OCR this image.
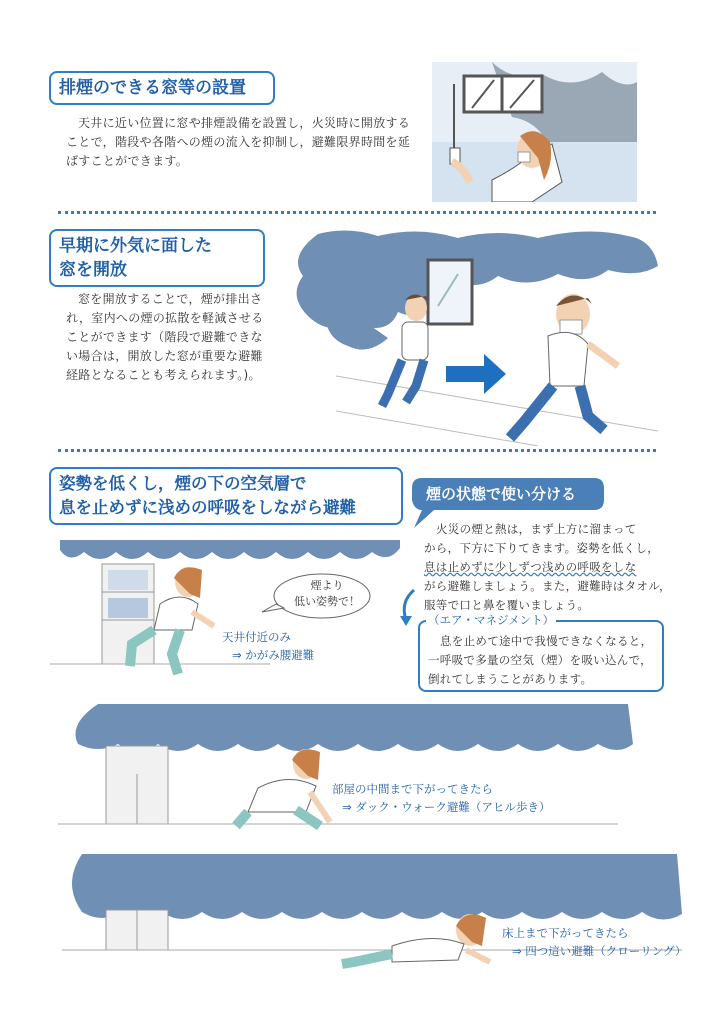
排煙のできる窓等の設置
天井に近い位置に窓や排煙設備を設置し，火災時に開放する
ことで，階段や各階への煙の流入を抑制し，避難限界時間を延
ばすことができます。
早期に外気に面した
窓を開放
窓を開放することで，煙が排出さ
れ，室内への煙の拡散を軽減させる
ことができます（階段で避難できな
い場合は，開放した窓が重要な避難
経路となることも考えられます。)。
姿勢を低くし，煙の下の空気層で
息を止めずに浅めの呼吸をしながら避難
煙の状態で使い分ける
火災の煙と熱は，まず上方に溜まって
から，下方に下りてきます。姿勢を低くし，
息は止めずに少しずつ浅めの呼吸をしな
がら避難しましょう。また，避難時はタオル，
服等で口と鼻を覆いましょう。
（エア・マネジメント）
息を止めて途中で我慢できなくなると，
一呼吸で多量の空気（煙）を吸い込んで，
倒れてしまうことがあります。
煙より
低い姿勢で！
天井付近のみ
⇒ かがみ腰避難
部屋の中間まで下がってきたら
⇒ ダック・ウォーク避難（アヒル歩き）
床上まで下がってきたら
⇒ 四つ這い避難（クローリング）
